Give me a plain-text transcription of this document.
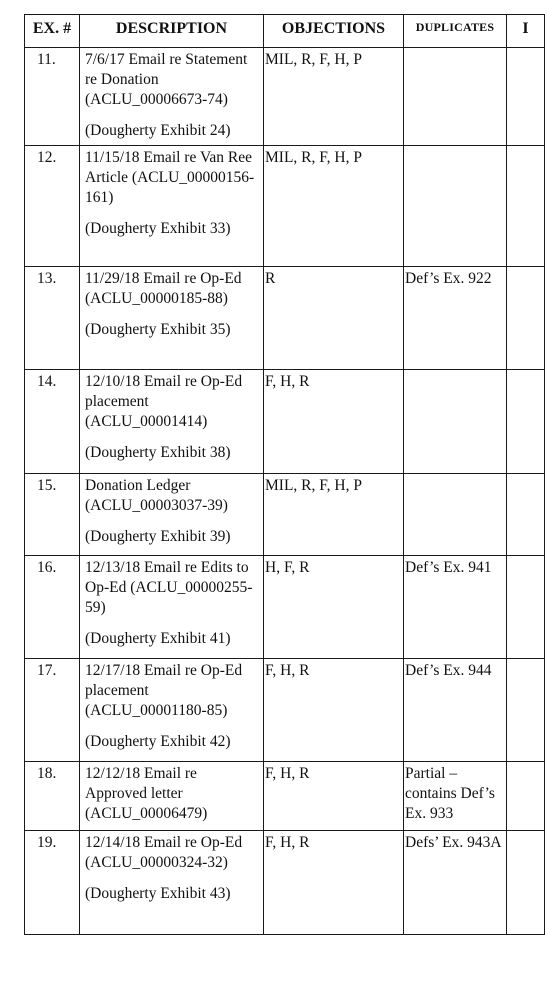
EX. #	DESCRIPTION	OBJECTIONS	DUPLICATES	I
11.	7/6/17 Email re Statement re Donation (ACLU_00006673-74)
(Dougherty Exhibit 24)	MIL, R, F, H, P		
12.	11/15/18 Email re Van Ree Article (ACLU_00000156-161)
(Dougherty Exhibit 33)	MIL, R, F, H, P		
13.	11/29/18 Email re Op-Ed (ACLU_00000185-88)
(Dougherty Exhibit 35)	R	Def’s Ex. 922	
14.	12/10/18 Email re Op-Ed placement (ACLU_00001414)
(Dougherty Exhibit 38)	F, H, R		
15.	Donation Ledger (ACLU_00003037-39)
(Dougherty Exhibit 39)	MIL, R, F, H, P		
16.	12/13/18 Email re Edits to Op-Ed (ACLU_00000255-59)
(Dougherty Exhibit 41)	H, F, R	Def’s Ex. 941	
17.	12/17/18 Email re Op-Ed placement (ACLU_00001180-85)
(Dougherty Exhibit 42)	F, H, R	Def’s Ex. 944	
18.	12/12/18 Email re Approved letter (ACLU_00006479)	F, H, R	Partial – contains Def’s Ex. 933	
19.	12/14/18 Email re Op-Ed (ACLU_00000324-32)
(Dougherty Exhibit 43)	F, H, R	Defs’ Ex. 943A	
